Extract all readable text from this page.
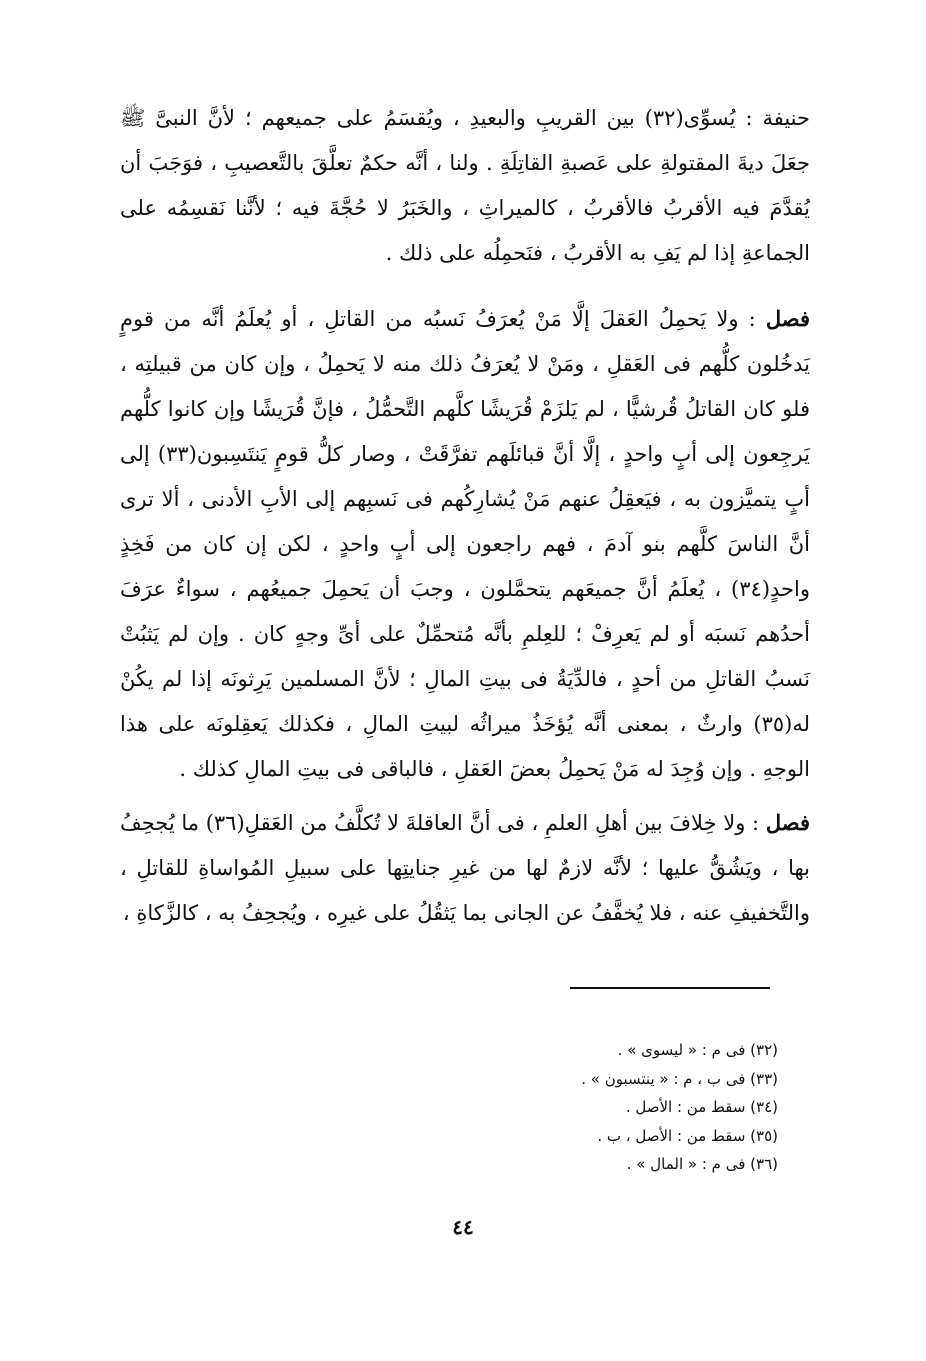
حنيفة : يُسوِّى(٣٢) بين القريبِ والبعيدِ ، ويُقسَمُ على جميعهم ؛ لأنَّ النبىَّ ﷺ جعَلَ ديةَ المقتولةِ على عَصبةِ القاتِلَةِ . ولنا ، أنَّه حكمٌ تعلَّقَ بالتَّعصيبِ ، فوَجَبَ أن يُقدَّمَ فيه الأقربُ فالأقربُ ، كالميراثِ ، والخَبَرُ لا حُجَّةَ فيه ؛ لأنَّنا نَقسِمُه على الجماعةِ إذا لم يَفِ به الأقربُ ، فنَحمِلُه على ذلك .

فصل : ولا يَحمِلُ العَقلَ إلَّا مَنْ يُعرَفُ نَسبُه من القاتلِ ، أو يُعلَمُ أنَّه من قومٍ يَدخُلون كلُّهم فى العَقلِ ، ومَنْ لا يُعرَفُ ذلك منه لا يَحمِلُ ، وإن كان من قبيلتِه ، فلو كان القاتلُ قُرشيًّا ، لم يَلزَمْ قُرَيشًا كلَّهم التَّحمُّلُ ، فإنَّ قُرَيشًا وإن كانوا كلُّهم يَرجِعون إلى أبٍ واحدٍ ، إلَّا أنَّ قبائلَهم تفرَّقَتْ ، وصار كلُّ قومٍ يَنتَسِبون(٣٣) إلى أبٍ يتميَّزون به ، فيَعقِلُ عنهم مَنْ يُشارِكُهم فى نَسبِهم إلى الأبِ الأدنى ، ألا ترى أنَّ الناسَ كلَّهم بنو آدمَ ، فهم راجعون إلى أبٍ واحدٍ ، لكن إن كان من فَخِذٍ واحدٍ(٣٤) ، يُعلَمُ أنَّ جميعَهم يتحمَّلون ، وجبَ أن يَحمِلَ جميعُهم ، سواءٌ عرَفَ أحدُهم نَسبَه أو لم يَعرِفْ ؛ للعِلمِ بأنَّه مُتحمِّلٌ على أىِّ وجهٍ كان . وإن لم يَثبُتْ نَسبُ القاتلِ من أحدٍ ، فالدِّيَةُ فى بيتِ المالِ ؛ لأنَّ المسلمين يَرِثونَه إذا لم يكُنْ له(٣٥) وارثٌ ، بمعنى أنَّه يُؤخَذُ ميراثُه لبيتِ المالِ ، فكذلك يَعقِلونَه على هذا الوجهِ . وإن وُجِدَ له مَنْ يَحمِلُ بعضَ العَقلِ ، فالباقى فى بيتِ المالِ كذلك .

فصل : ولا خِلافَ بين أهلِ العلمِ ، فى أنَّ العاقلةَ لا تُكلَّفُ من العَقلِ(٣٦) ما يُجحِفُ بها ، ويَشُقُّ عليها ؛ لأنَّه لازمٌ لها من غيرِ جنايتِها على سبيلِ المُواساةِ للقاتلِ ، والتَّخفيفِ عنه ، فلا يُخفَّفُ عن الجانى بما يَثقُلُ على غيرِه ، ويُجحِفُ به ، كالزَّكاةِ ،

(٣٢) فى م : « ليسوى » .
(٣٣) فى ب ، م : « ينتسبون » .
(٣٤) سقط من : الأصل .
(٣٥) سقط من : الأصل ، ب .
(٣٦) فى م : « المال » .
٤٤
